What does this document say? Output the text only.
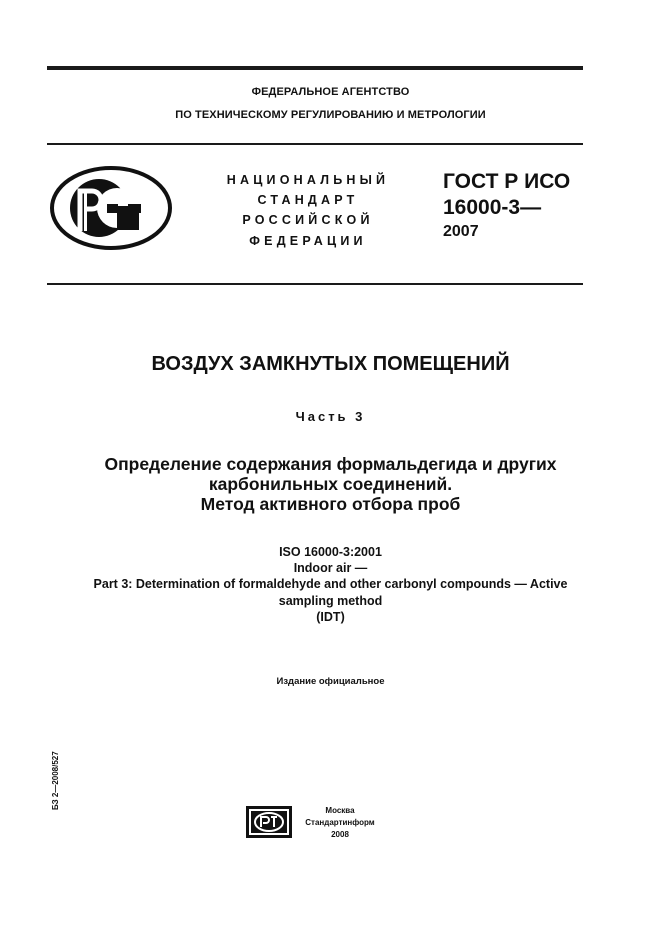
ФЕДЕРАЛЬНОЕ АГЕНТСТВО
ПО ТЕХНИЧЕСКОМУ РЕГУЛИРОВАНИЮ И МЕТРОЛОГИИ
НАЦИОНАЛЬНЫЙ
СТАНДАРТ
РОССИЙСКОЙ
ФЕДЕРАЦИИ
ГОСТ Р ИСО
16000-3—
2007
ВОЗДУХ ЗАМКНУТЫХ ПОМЕЩЕНИЙ
Часть 3
Определение содержания формальдегида и других
карбонильных соединений.
Метод активного отбора проб
ISO 16000-3:2001
Indoor air —
Part 3: Determination of formaldehyde and other carbonyl compounds — Active
sampling method
(IDT)
Издание официальное
БЗ 2—2008/527
Москва
Стандартинформ
2008
